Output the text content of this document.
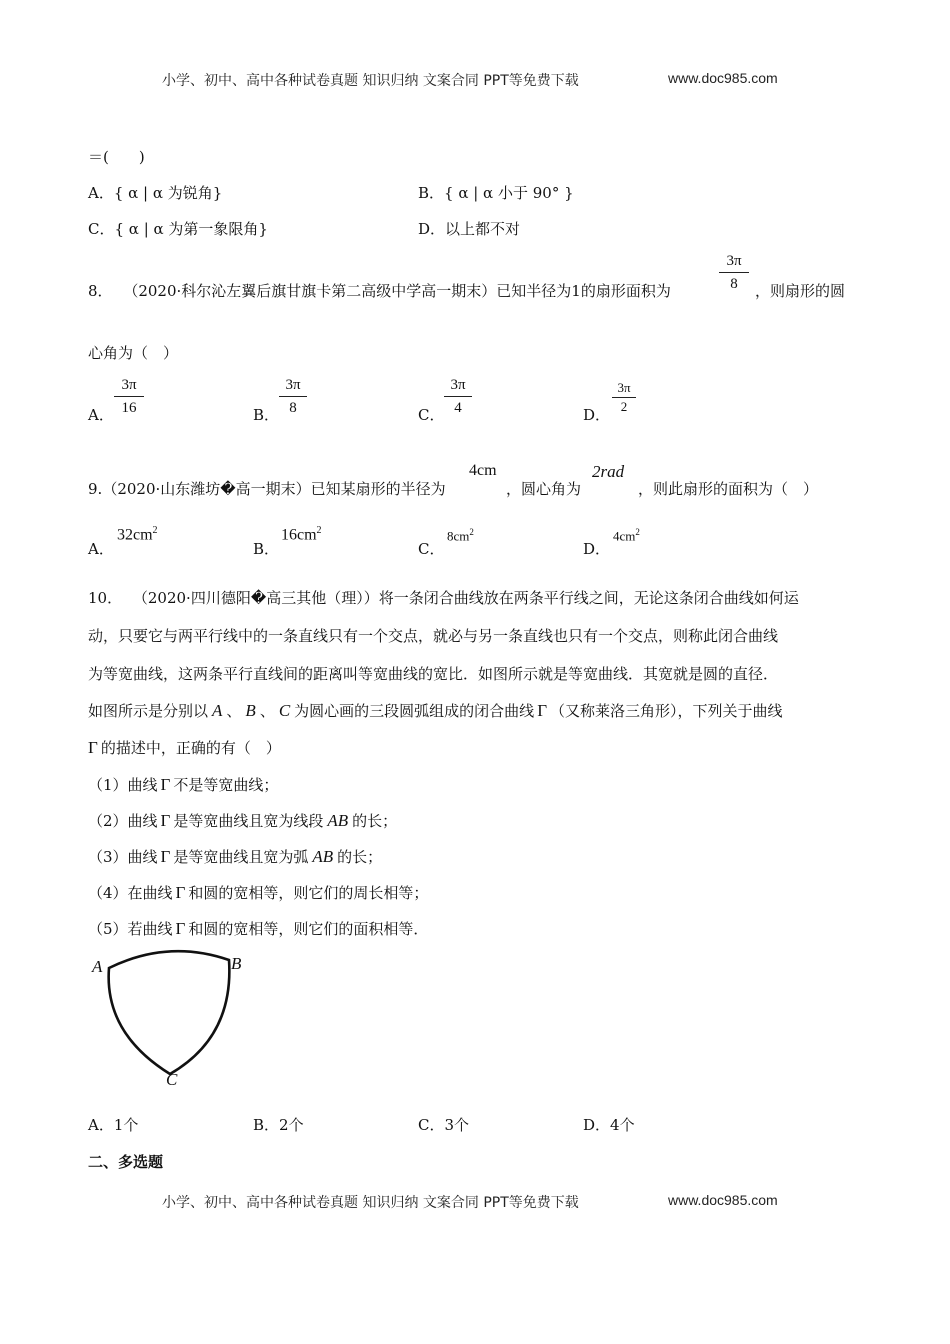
小学、初中、高中各种试卷真题 知识归纳 文案合同 PPT等免费下载	www.doc985.com
＝(　　)
A．{ α | α 为锐角}	B．{ α | α 小于 90° }
C．{ α | α 为第一象限角}	D．以上都不对
8． （2020·科尔沁左翼后旗甘旗卡第二高级中学高一期末）已知半径为1的扇形面积为
3π
8	，则扇形的圆
心角为（　）
A．
3π
16	B．
3π
8	C．
3π
4	D．
3π
2
9.（2020·山东潍坊�高一期末）已知某扇形的半径为
4cm
，圆心角为
2rad
，则此扇形的面积为（　）
A．
$32cm^2$
B．
$16cm^2$
C．
$8cm^2$
D．
$4cm^2$
10． （2020·四川德阳�高三其他（理））将一条闭合曲线放在两条平行线之间，无论这条闭合曲线如何运
动，只要它与两平行线中的一条直线只有一个交点，就必与另一条直线也只有一个交点，则称此闭合曲线
为等宽曲线，这两条平行直线间的距离叫等宽曲线的宽比．如图所示就是等宽曲线．其宽就是圆的直径．
如图所示是分别以 A 、 B 、 C 为圆心画的三段圆弧组成的闭合曲线 Γ （又称莱洛三角形），下列关于曲线
Γ 的描述中，正确的有（　）
（1）曲线 Γ 不是等宽曲线；
（2）曲线 Γ 是等宽曲线且宽为线段 AB 的长；
（3）曲线 Γ 是等宽曲线且宽为弧 AB 的长；
（4）在曲线 Γ 和圆的宽相等，则它们的周长相等；
（5）若曲线 Γ 和圆的宽相等，则它们的面积相等．
A	B
C
A．1个	B．2个	C．3个	D．4个
二、多选题
小学、初中、高中各种试卷真题 知识归纳 文案合同 PPT等免费下载	www.doc985.com
